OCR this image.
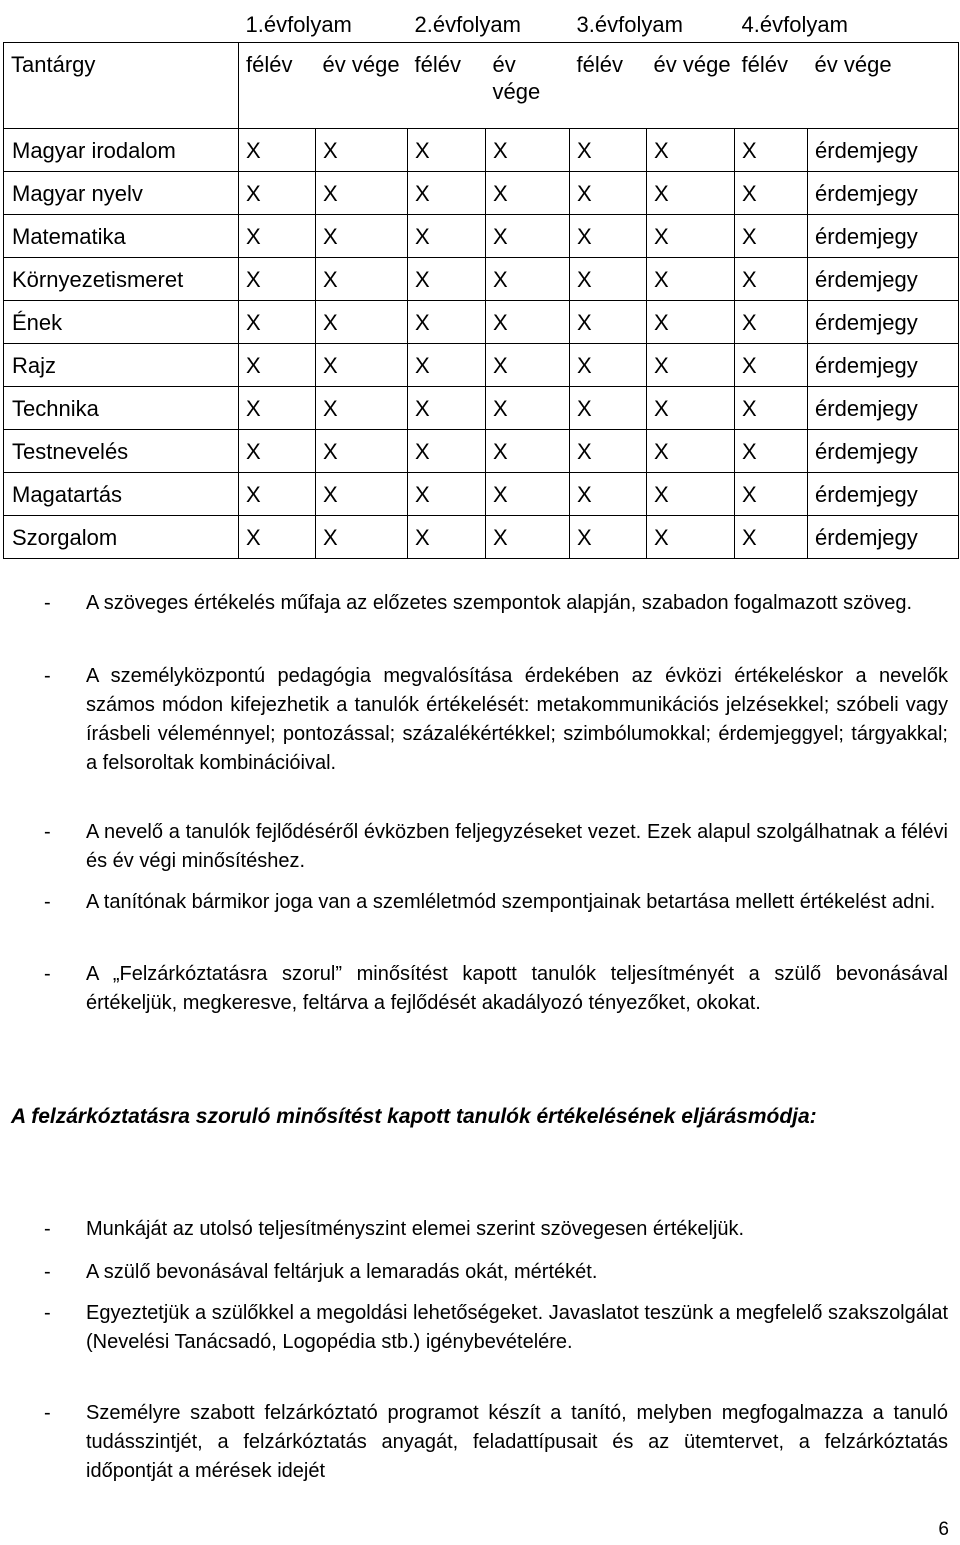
	1.évfolyam		2.évfolyam		3.évfolyam		4.évfolyam	
Tantárgy	félév	év vége	félév	év vége	félév	év vége	félév	év vége
Magyar irodalom	X	X	X	X	X	X	X	érdemjegy
Magyar nyelv	X	X	X	X	X	X	X	érdemjegy
Matematika	X	X	X	X	X	X	X	érdemjegy
Környezetismeret	X	X	X	X	X	X	X	érdemjegy
Ének	X	X	X	X	X	X	X	érdemjegy
Rajz	X	X	X	X	X	X	X	érdemjegy
Technika	X	X	X	X	X	X	X	érdemjegy
Testnevelés	X	X	X	X	X	X	X	érdemjegy
Magatartás	X	X	X	X	X	X	X	érdemjegy
Szorgalom	X	X	X	X	X	X	X	érdemjegy

- A szöveges értékelés műfaja az előzetes szempontok alapján, szabadon fogalmazott szöveg.

- A személyközpontú pedagógia megvalósítása érdekében az évközi értékeléskor a nevelők számos módon kifejezhetik a tanulók értékelését: metakommunikációs jelzésekkel; szóbeli vagy írásbeli véleménnyel; pontozással; százalékértékkel; szimbólumokkal; érdemjeggyel; tárgyakkal; a felsoroltak kombinációival.

- A nevelő a tanulók fejlődéséről évközben feljegyzéseket vezet. Ezek alapul szolgálhatnak a félévi és év végi minősítéshez.

- A tanítónak bármikor joga van a szemléletmód szempontjainak betartása mellett értékelést adni.

- A „Felzárkóztatásra szorul” minősítést kapott tanulók teljesítményét a szülő bevonásával értékeljük, megkeresve, feltárva a fejlődését akadályozó tényezőket, okokat.

A felzárkóztatásra szoruló minősítést kapott tanulók értékelésének eljárásmódja:

- Munkáját az utolsó teljesítményszint elemei szerint szövegesen értékeljük.

- A szülő bevonásával feltárjuk a lemaradás okát, mértékét.

- Egyeztetjük a szülőkkel a megoldási lehetőségeket. Javaslatot teszünk a megfelelő szakszolgálat (Nevelési Tanácsadó, Logopédia stb.) igénybevételére.

- Személyre szabott felzárkóztató programot készít a tanító, melyben megfogalmazza a tanuló tudásszintjét, a felzárkóztatás anyagát, feladattípusait és az ütemtervet, a felzárkóztatás időpontját a mérések idejét

6
